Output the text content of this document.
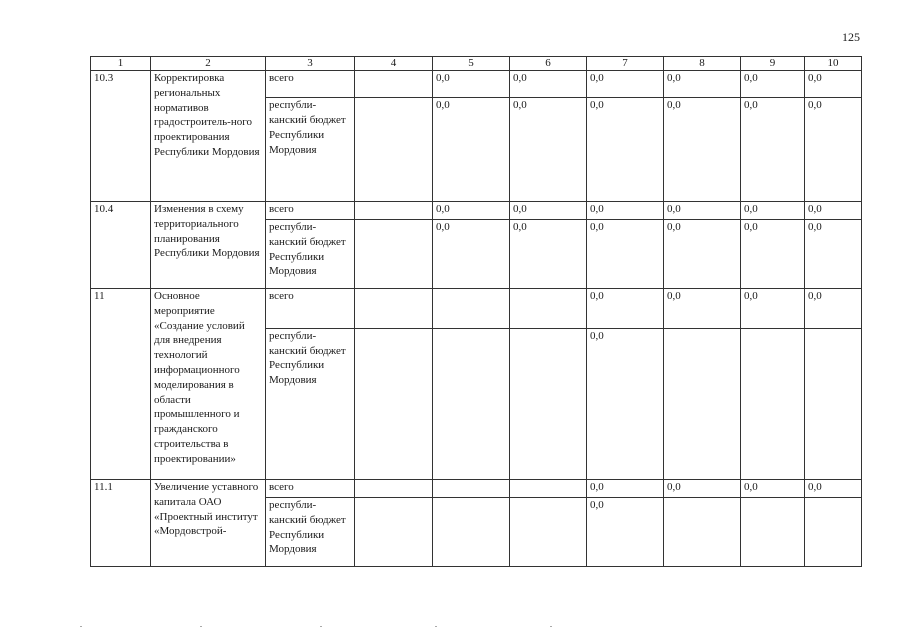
125
1	2	3	4	5	6	7	8	9	10
10.3	Корректировка региональных нормативов градостроитель-ного проектирования Республики Мордовия	всего		0,0	0,0	0,0	0,0	0,0	0,0
		республи-канский бюджет Республики Мордовия		0,0	0,0	0,0	0,0	0,0	0,0
10.4	Изменения в схему территориального планирования Республики Мордовия	всего		0,0	0,0	0,0	0,0	0,0	0,0
		республи-канский бюджет Республики Мордовия		0,0	0,0	0,0	0,0	0,0	0,0
11	Основное мероприятие «Создание условий для внедрения технологий информационного моделирования в области промышленного и гражданского строительства в проектировании»	всего				0,0	0,0	0,0	0,0
		республи-канский бюджет Республики Мордовия				0,0			
11.1	Увеличение уставного капитала ОАО «Проектный институт «Мордовстрой-	всего				0,0	0,0	0,0	0,0
		республи-канский бюджет Республики Мордовия				0,0			
